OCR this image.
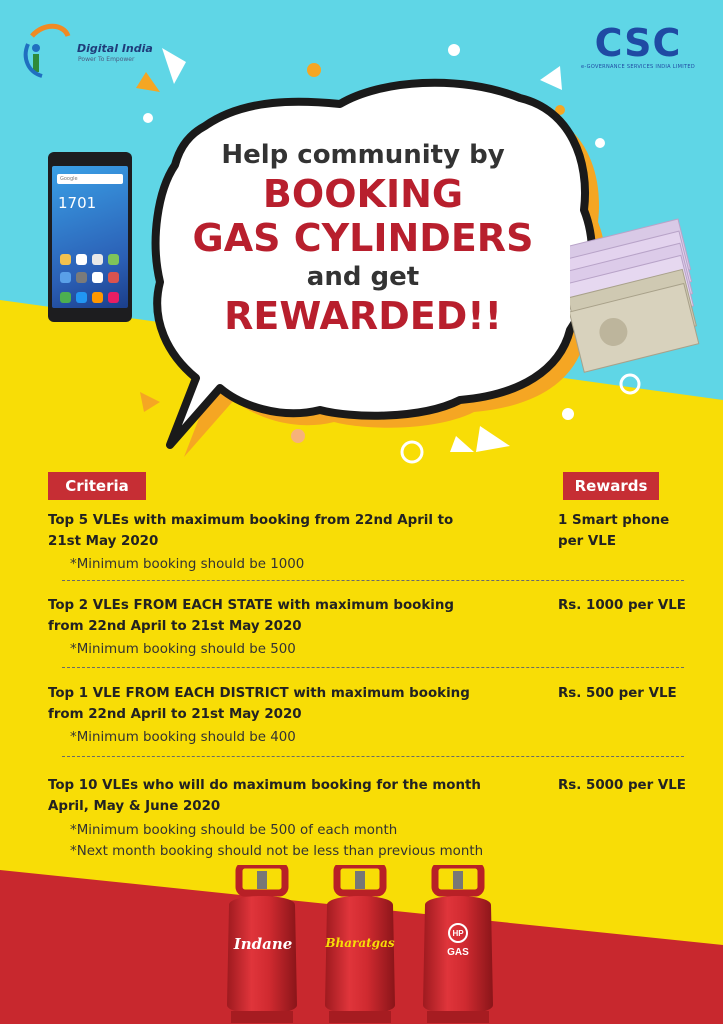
Digital India
Power To Empower	CSC
e-GOVERNANCE SERVICES INDIA LIMITED
Google
1701
Help community by
BOOKING
GAS CYLINDERS
and get
REWARDED!!
Criteria	Rewards
Top 5 VLEs with maximum booking from 22nd April to 21st May 2020
*Minimum booking should be 1000
1 Smart phone per VLE
Top 2 VLEs FROM EACH STATE with maximum booking from 22nd April to 21st May 2020
*Minimum booking should be 500
Rs. 1000 per VLE
Top 1 VLE FROM EACH DISTRICT with maximum booking from 22nd April to 21st May 2020
*Minimum booking should be 400
Rs. 500 per VLE
Top 10 VLEs who will do maximum booking for the month April, May & June 2020
*Minimum booking should be 500 of each month
*Next month booking should not be less than previous month
Rs. 5000 per VLE
Indane	Bharatgas
HP
GAS
